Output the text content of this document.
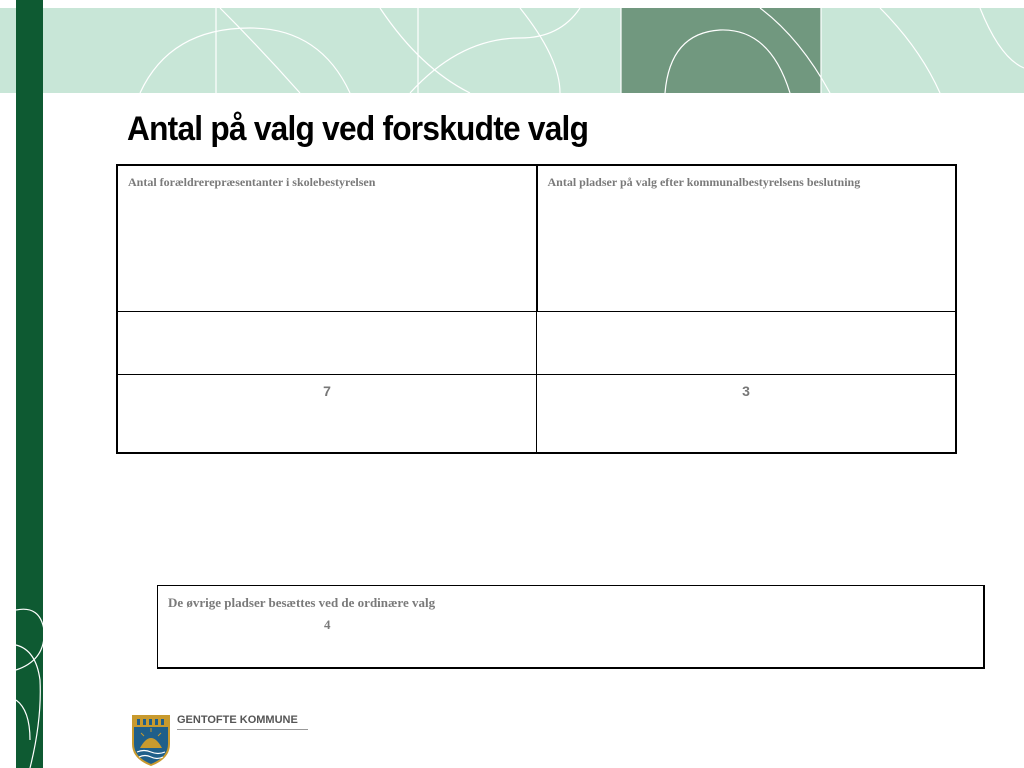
Antal på valg ved forskudte valg
Antal forældrerepræsentanter i skolebestyrelsen	Antal pladser på valg efter kommunalbestyrelsens beslutning

7	3
De øvrige pladser besættes ved de ordinære valg
4
GENTOFTE KOMMUNE
